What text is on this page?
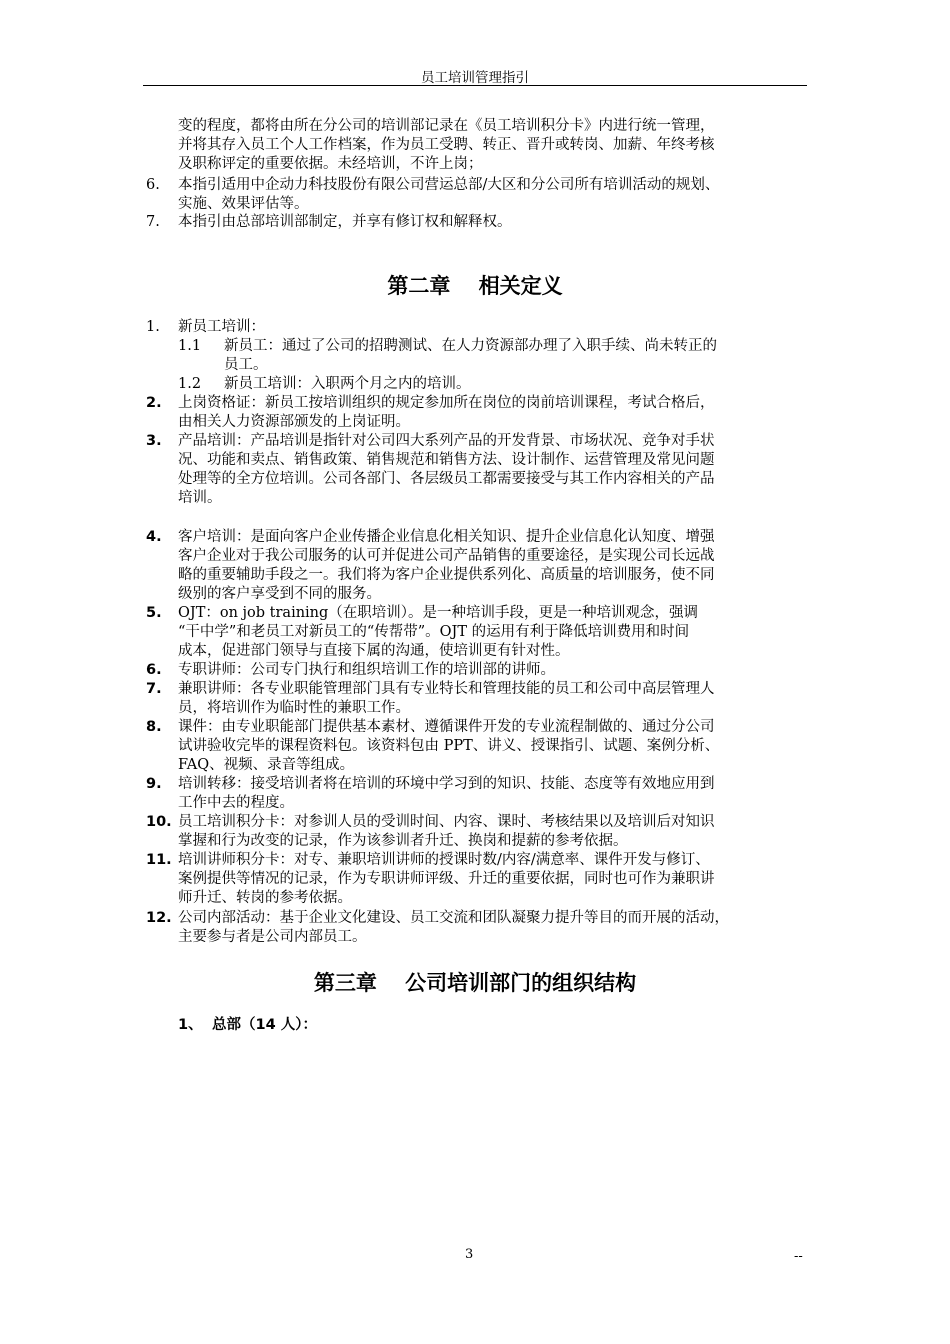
员工培训管理指引
变的程度，都将由所在分公司的培训部记录在《员工培训积分卡》内进行统一管理，
并将其存入员工个人工作档案，作为员工受聘、转正、晋升或转岗、加薪、年终考核
及职称评定的重要依据。未经培训，不许上岗；
6. 本指引适用中企动力科技股份有限公司营运总部/大区和分公司所有培训活动的规划、
实施、效果评估等。
7. 本指引由总部培训部制定，并享有修订权和解释权。
第二章　 相关定义
1. 新员工培训：
1.1 新员工：通过了公司的招聘测试、在人力资源部办理了入职手续、尚未转正的
员工。
1.2 新员工培训：入职两个月之内的培训。
2. 上岗资格证：新员工按培训组织的规定参加所在岗位的岗前培训课程，考试合格后，
由相关人力资源部颁发的上岗证明。
3. 产品培训：产品培训是指针对公司四大系列产品的开发背景、市场状况、竞争对手状
况、功能和卖点、销售政策、销售规范和销售方法、设计制作、运营管理及常见问题
处理等的全方位培训。公司各部门、各层级员工都需要接受与其工作内容相关的产品
培训。
4. 客户培训：是面向客户企业传播企业信息化相关知识、提升企业信息化认知度、增强
客户企业对于我公司服务的认可并促进公司产品销售的重要途径，是实现公司长远战
略的重要辅助手段之一。我们将为客户企业提供系列化、高质量的培训服务，使不同
级别的客户享受到不同的服务。
5. OJT：on job training（在职培训）。是一种培训手段，更是一种培训观念，强调
“干中学”和老员工对新员工的“传帮带”。OJT 的运用有利于降低培训费用和时间
成本，促进部门领导与直接下属的沟通，使培训更有针对性。
6. 专职讲师：公司专门执行和组织培训工作的培训部的讲师。
7. 兼职讲师：各专业职能管理部门具有专业特长和管理技能的员工和公司中高层管理人
员，将培训作为临时性的兼职工作。
8. 课件：由专业职能部门提供基本素材、遵循课件开发的专业流程制做的、通过分公司
试讲验收完毕的课程资料包。该资料包由 PPT、讲义、授课指引、试题、案例分析、
FAQ、视频、录音等组成。
9. 培训转移：接受培训者将在培训的环境中学习到的知识、技能、态度等有效地应用到
工作中去的程度。
10. 员工培训积分卡：对参训人员的受训时间、内容、课时、考核结果以及培训后对知识
掌握和行为改变的记录，作为该参训者升迁、换岗和提薪的参考依据。
11. 培训讲师积分卡：对专、兼职培训讲师的授课时数/内容/满意率、课件开发与修订、
案例提供等情况的记录，作为专职讲师评级、升迁的重要依据，同时也可作为兼职讲
师升迁、转岗的参考依据。
12. 公司内部活动：基于企业文化建设、员工交流和团队凝聚力提升等目的而开展的活动，
主要参与者是公司内部员工。
第三章　 公司培训部门的组织结构
1、 总部（14 人）：
3	--
